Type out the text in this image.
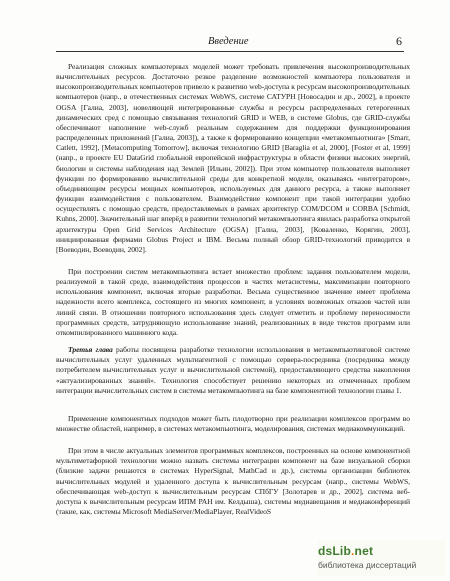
Введение	6

Реализация сложных компьютерных моделей может требовать привлечения высокопроизводительных вычислительных ресурсов. Достаточно резкое разделение возможностей компьютера пользователя и высокопроизводительных компьютеров привело к развитию web-доступа к ресурсам высокопроизводительных компьютеров (напр., в отечественных системах WebWS, системе САТУРН [Новосадин и др., 2002], в проекте OGSA [Галиа, 2003], новеляющей интегрированные службы и ресурсы распределенных гетерогенных динамических сред с помощью связывания технологий GRID и WEB, в системе Globus, где GRID-службы обеспечивают наполнение web-служб реальным содержанием для поддержки функционирования распределенных приложений [Галиа, 2003]), а также к формированию концепции «метакомпьютинга» [Smarr, Catlett, 1992], [Metacomputing Tomorrow], включая технологию GRID [Baraglia et al, 2000], [Foster et al, 1999] (напр., в проекте EU DataGrid глобальной европейской инфраструктуры в области физики высоких энергий, биологии и системы наблюдения над Землей [Ильин, 2002]). При этом компьютер пользователя выполняет функции по формированию вычислительной среды для конкретной модели, оказываясь «интегратором», объединяющим ресурсы мощных компьютеров, используемых для данного ресурса, а также выполняет функции взаимодействия с пользователем. Взаимодействие компонент при такой интеграции удобно осуществлять с помощью средств, предоставляемых в рамках архитектур COM/DCOM и CORBA [Schmidt, Kuhns, 2000]. Значительный шаг вперёд в развитии технологий метакомпьютинга явилась разработка открытой архитектуры Open Grid Services Architecture (OGSA) [Галиа, 2003], [Коваленко, Корягин, 2003], инициированная фирмами Globus Project и IBM. Весьма полный обзор GRID-технологий приводится в [Воеводин, Воеводин, 2002].

При построении систем метакомпьютинга встает множество проблем: задания пользователем модели, реализуемой в такой среде, взаимодействия процессов в частях метасистемы, максимизации повторного использования компонент, включая вторые разработки. Весьма существенное значение имеет проблема надежности всего комплекса, состоящего из многих компонент, в условиях возможных отказов частей или линий связи. В отношении повторного использования здесь следует отметить и проблему переносимости программных средств, затрудняющую использование знаний, реализованных в виде текстов программ или откомпилированного машинного кода.

Третья глава работы посвящена разработке технологии использования в метакомпьютинговой системе вычислительных услуг удаленных мультиагентной с помощью сервера-посредника (посредника между потребителем вычислительных услуг и вычислительной системой), предоставляющего средства накопления «актуализированных знаний». Технология способствует решению некоторых из отмеченных проблем интеграции вычислительных систем в системы метакомпьютинга на базе компонентной технологии главы 1.

Применение компонентных подходов может быть плодотворно при реализации комплексов программ во множестве областей, например, в системах метакомпьютинга, моделирования, системах медиакоммуникаций.

При этом в числе актуальных элементов программных комплексов, построенных на основе компонентной мультиметафорной технологии можно назвать системы интеграции компонент на базе визуальной сборки (близкие задачи решаются в системах HyperSignal, MathCad и др.), системы организации библиотек вычислительных модулей и удаленного доступа к вычислительным ресурсам (напр., системы WebWS, обеспечивающая web-доступ к вычислительным ресурсам СПбГУ [Золотарев и др., 2002], система веб-доступа к вычислительным ресурсам ИПМ РАН им. Келдыша), системы медиавещания и медиаконференций (такие, как, системы Microsoft MediaServer/MediaPlayer, RealVideoS

dsLib.net
библиотека диссертаций
